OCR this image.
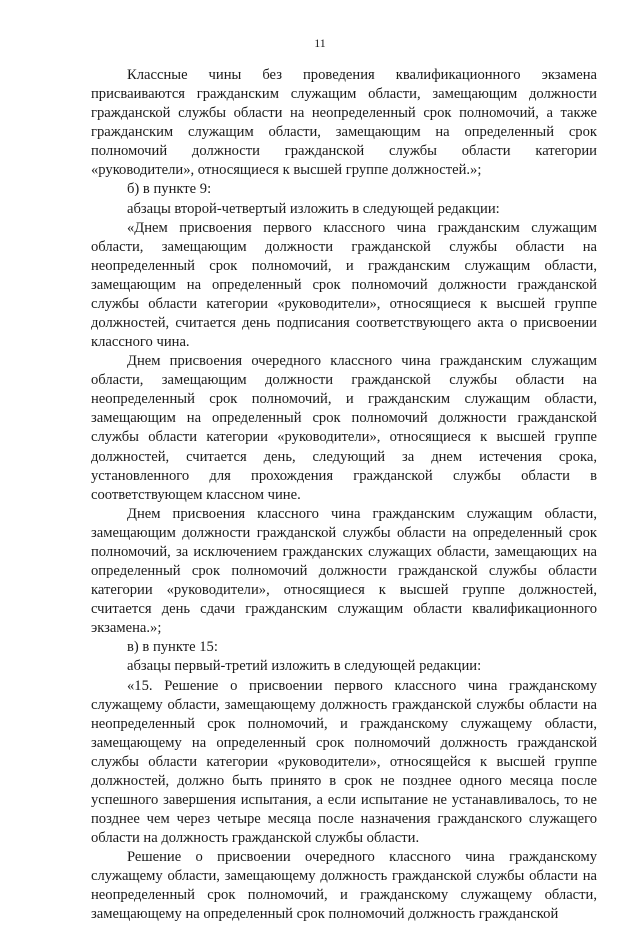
11

Классные чины без проведения квалификационного экзамена присваиваются гражданским служащим области, замещающим должности гражданской службы области на неопределенный срок полномочий, а также гражданским служащим области, замещающим на определенный срок полномочий должности гражданской службы области категории «руководители», относящиеся к высшей группе должностей.»;

б) в пункте 9:

абзацы второй-четвертый изложить в следующей редакции:

«Днем присвоения первого классного чина гражданским служащим области, замещающим должности гражданской службы области на неопределенный срок полномочий, и гражданским служащим области, замещающим на определенный срок полномочий должности гражданской службы области категории «руководители», относящиеся к высшей группе должностей, считается день подписания соответствующего акта о присвоении классного чина.

Днем присвоения очередного классного чина гражданским служащим области, замещающим должности гражданской службы области на неопределенный срок полномочий, и гражданским служащим области, замещающим на определенный срок полномочий должности гражданской службы области категории «руководители», относящиеся к высшей группе должностей, считается день, следующий за днем истечения срока, установленного для прохождения гражданской службы области в соответствующем классном чине.

Днем присвоения классного чина гражданским служащим области, замещающим должности гражданской службы области на определенный срок полномочий, за исключением гражданских служащих области, замещающих на определенный срок полномочий должности гражданской службы области категории «руководители», относящиеся к высшей группе должностей, считается день сдачи гражданским служащим области квалификационного экзамена.»;

в) в пункте 15:

абзацы первый-третий изложить в следующей редакции:

«15. Решение о присвоении первого классного чина гражданскому служащему области, замещающему должность гражданской службы области на неопределенный срок полномочий, и гражданскому служащему области, замещающему на определенный срок полномочий должность гражданской службы области категории «руководители», относящейся к высшей группе должностей, должно быть принято в срок не позднее одного месяца после успешного завершения испытания, а если испытание не устанавливалось, то не позднее чем через четыре месяца после назначения гражданского служащего области на должность гражданской службы области.

Решение о присвоении очередного классного чина гражданскому служащему области, замещающему должность гражданской службы области на неопределенный срок полномочий, и гражданскому служащему области, замещающему на определенный срок полномочий должность гражданской
